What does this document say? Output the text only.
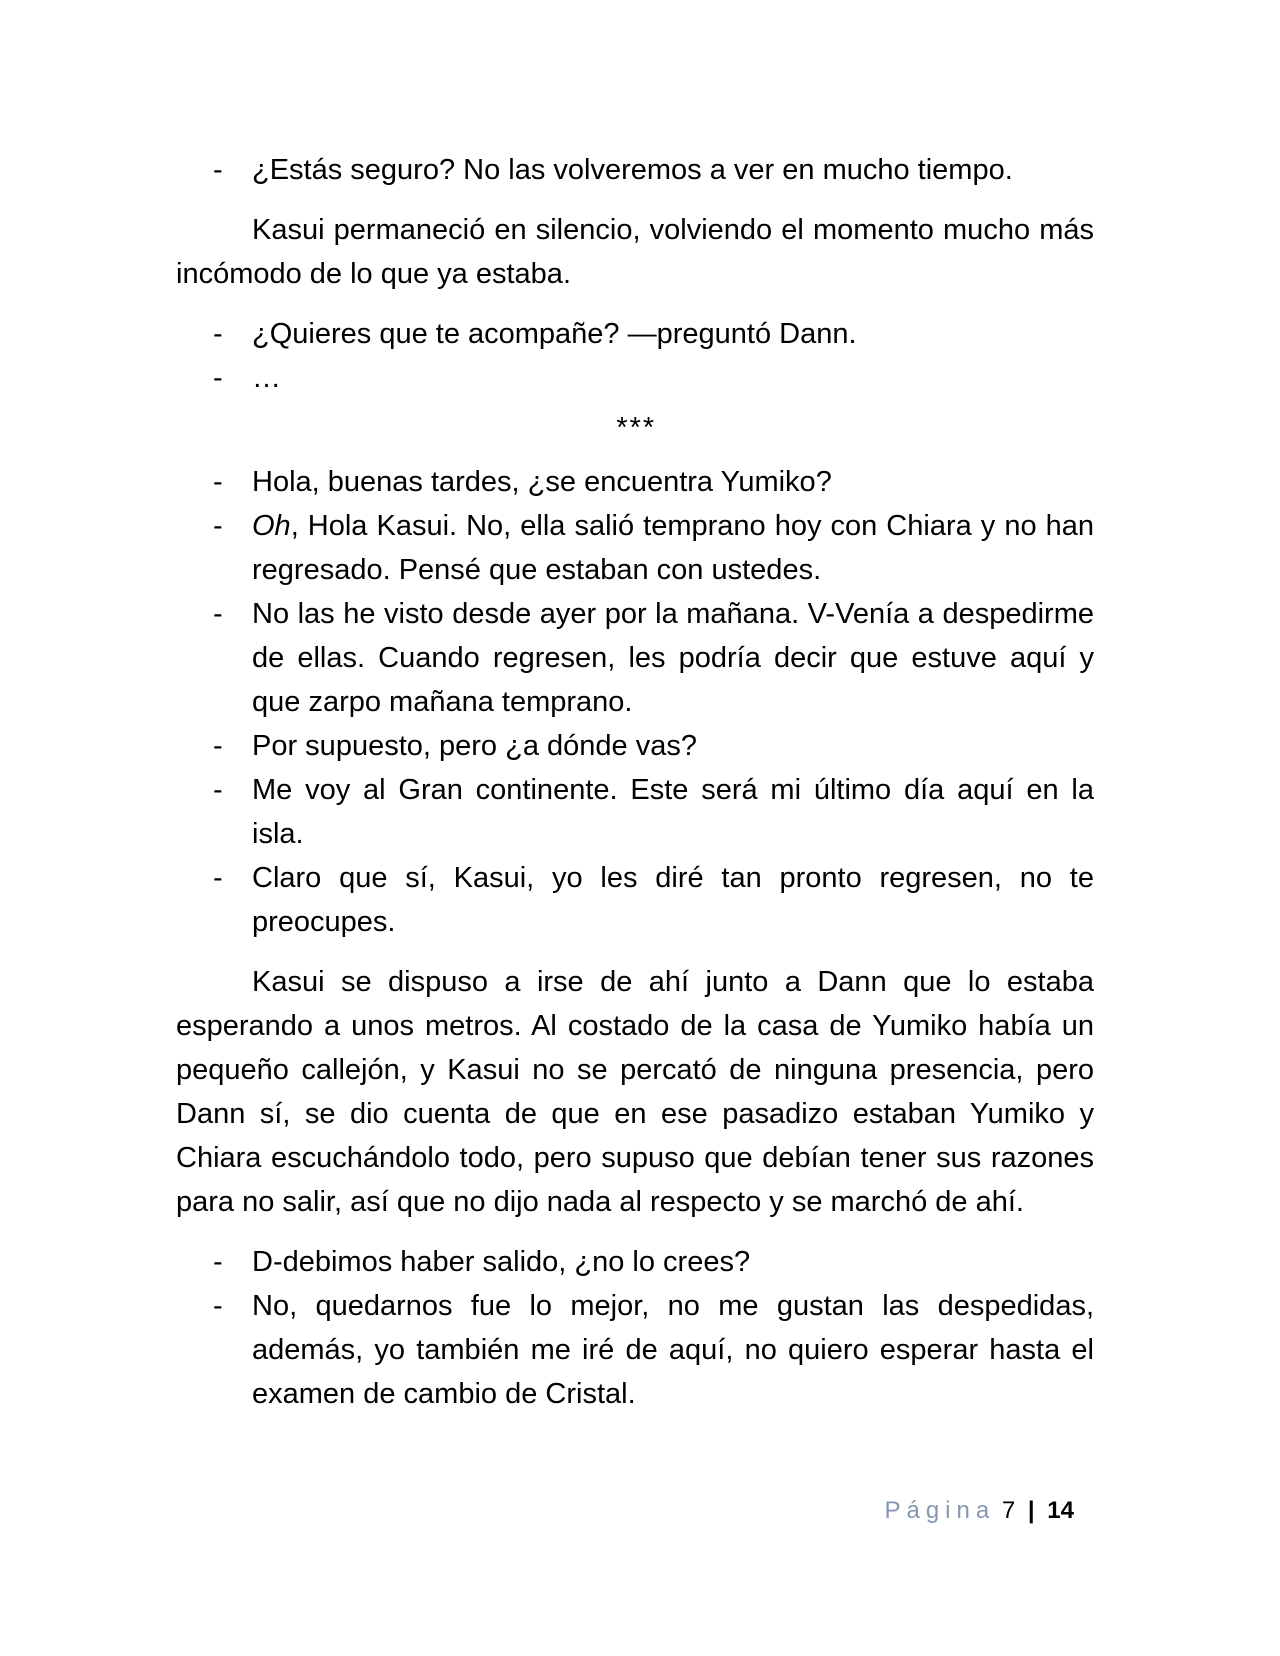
-	¿Estás seguro? No las volveremos a ver en mucho tiempo.

Kasui permaneció en silencio, volviendo el momento mucho más incómodo de lo que ya estaba.

-	¿Quieres que te acompañe? —preguntó Dann.
-	…
***
-	Hola, buenas tardes, ¿se encuentra Yumiko?
-	Oh, Hola Kasui. No, ella salió temprano hoy con Chiara y no han regresado. Pensé que estaban con ustedes.
-	No las he visto desde ayer por la mañana. V-Venía a despedirme de ellas. Cuando regresen, les podría decir que estuve aquí y que zarpo mañana temprano.
-	Por supuesto, pero ¿a dónde vas?
-	Me voy al Gran continente. Este será mi último día aquí en la isla.
-	Claro que sí, Kasui, yo les diré tan pronto regresen, no te preocupes.

Kasui se dispuso a irse de ahí junto a Dann que lo estaba esperando a unos metros. Al costado de la casa de Yumiko había un pequeño callejón, y Kasui no se percató de ninguna presencia, pero Dann sí, se dio cuenta de que en ese pasadizo estaban Yumiko y Chiara escuchándolo todo, pero supuso que debían tener sus razones para no salir, así que no dijo nada al respecto y se marchó de ahí.

-	D-debimos haber salido, ¿no lo crees?
-	No, quedarnos fue lo mejor, no me gustan las despedidas, además, yo también me iré de aquí, no quiero esperar hasta el examen de cambio de Cristal.
Página 7 | 14
